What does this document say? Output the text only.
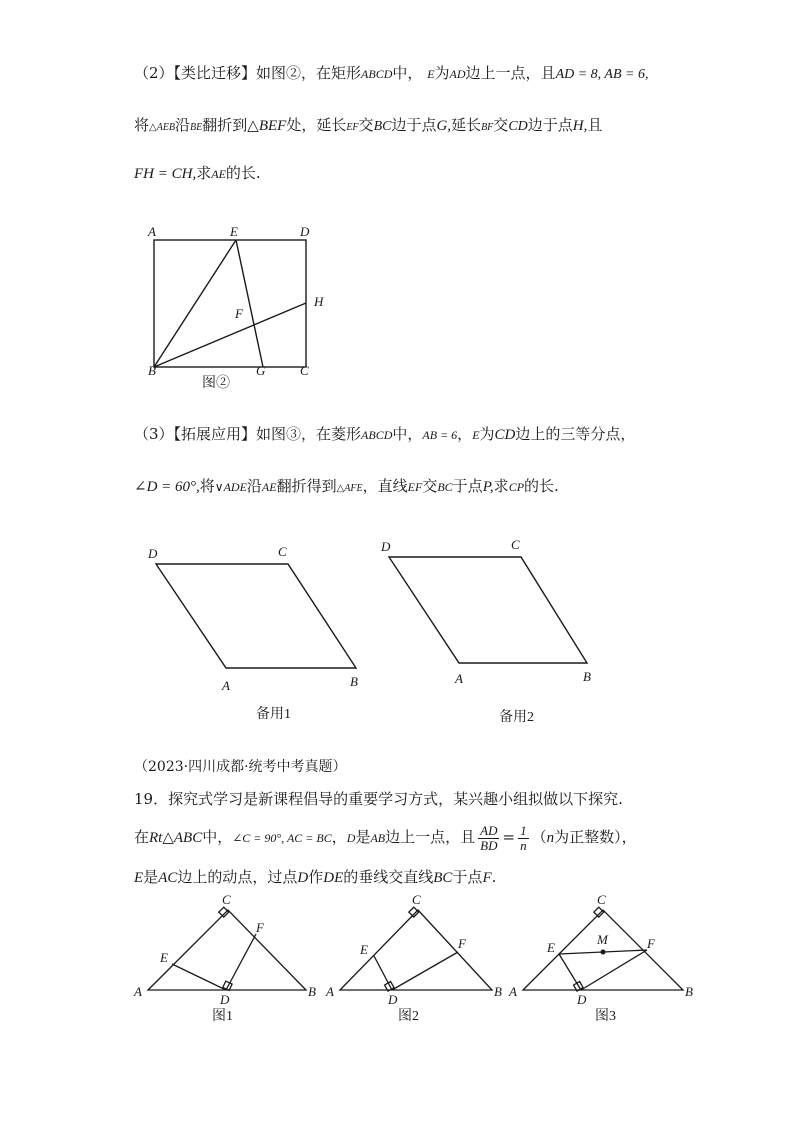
（2）【类比迁移】如图②，在矩形ABCD中， E为AD边上一点，且AD = 8, AB = 6,
将△AEB沿BE翻折到△BEF处，延长EF交BC边于点G,延长BF交CD边于点H,且
FH = CH,求AE的长.
A	E	D
H
F
B	G	C
图②
（3）【拓展应用】如图③，在菱形ABCD中，AB = 6，E为CD边上的三等分点，
∠D = 60°,将∨ADE沿AE翻折得到△AFE，直线EF交BC于点P,求CP的长.
D	C
A	B
备用1
D	C
A	B
备用2
（2023·四川成都·统考中考真题）
19．探究式学习是新课程倡导的重要学习方式，某兴趣小组拟做以下探究.
在Rt△ABC中，∠C = 90°, AC = BC，D是AB边上一点，且 $\frac{AD}{BD} = \frac{1}{n} (n$为正整数），
E是AC边上的动点，过点D作DE的垂线交直线BC于点F.
A	B
C
D
E
F
图1
A	B
C
D
E	F
图2
A	B
C
D
E	F
M
图3
